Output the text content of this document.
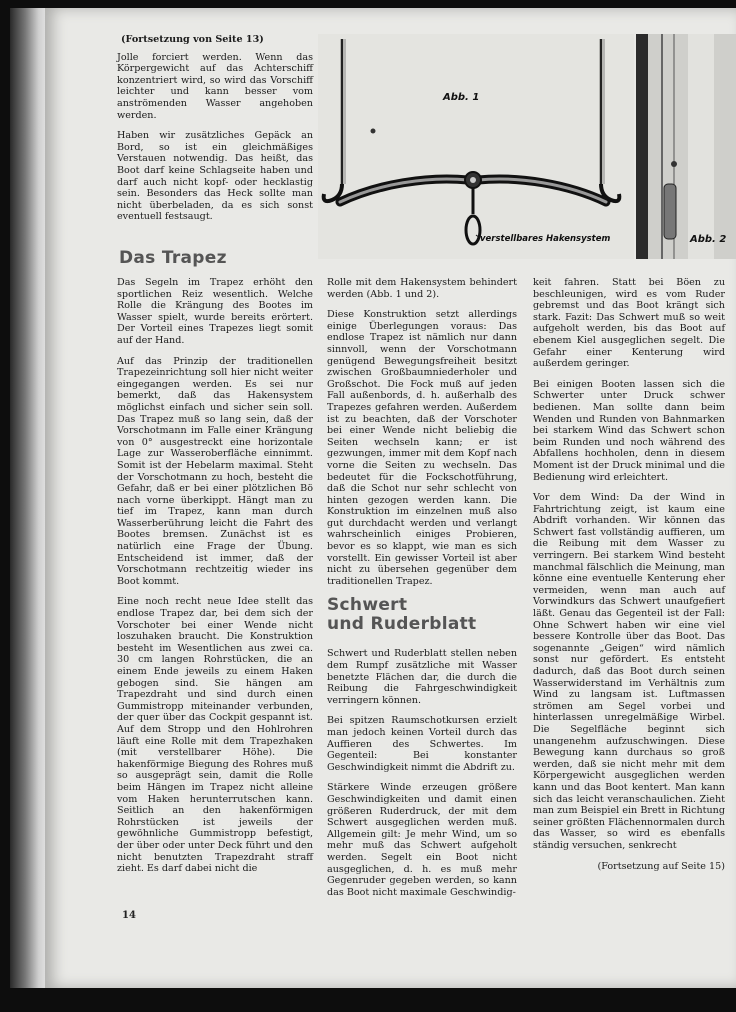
(Fortsetzung von Seite 13)

Jolle forciert werden. Wenn das Körpergewicht auf das Achterschiff konzentriert wird, so wird das Vorschiff leichter und kann besser vom anströmenden Wasser angehoben werden.

Haben wir zusätzliches Gepäck an Bord, so ist ein gleichmäßiges Verstauen notwendig. Das heißt, das Boot darf keine Schlagseite haben und darf auch nicht kopf- oder hecklastig sein. Besonders das Heck sollte man nicht überbeladen, da es sich sonst eventuell festsaugt.

Das Trapez

Das Segeln im Trapez erhöht den sportlichen Reiz wesentlich. Welche Rolle die Krängung des Bootes im Wasser spielt, wurde bereits erörtert. Der Vorteil eines Trapezes liegt somit auf der Hand.

Auf das Prinzip der traditionellen Trapezeinrichtung soll hier nicht weiter eingegangen werden. Es sei nur bemerkt, daß das Hakensystem möglichst einfach und sicher sein soll. Das Trapez muß so lang sein, daß der Vorschotmann im Falle einer Krängung von 0° ausgestreckt eine horizontale Lage zur Wasseroberfläche einnimmt. Somit ist der Hebelarm maximal. Steht der Vorschotmann zu hoch, besteht die Gefahr, daß er bei einer plötzlichen Bö nach vorne überkippt. Hängt man zu tief im Trapez, kann man durch Wasserberührung leicht die Fahrt des Bootes bremsen. Zunächst ist es natürlich eine Frage der Übung. Entscheidend ist immer, daß der Vorschotmann rechtzeitig wieder ins Boot kommt.

Eine noch recht neue Idee stellt das endlose Trapez dar, bei dem sich der Vorschoter bei einer Wende nicht loszuhaken braucht. Die Konstruktion besteht im Wesentlichen aus zwei ca. 30 cm langen Rohrstücken, die an einem Ende jeweils zu einem Haken gebogen sind. Sie hängen am Trapezdraht und sind durch einen Gummistropp miteinander verbunden, der quer über das Cockpit gespannt ist. Auf dem Stropp und den Hohlrohren läuft eine Rolle mit dem Trapezhaken (mit verstellbarer Höhe). Die hakenförmige Biegung des Rohres muß so ausgeprägt sein, damit die Rolle beim Hängen im Trapez nicht alleine vom Haken herunterrutschen kann. Seitlich an den hakenförmigen Rohrstücken ist jeweils der gewöhnliche Gummistropp befestigt, der über oder unter Deck führt und den nicht benutzten Trapezdraht straff zieht. Es darf dabei nicht die

Rolle mit dem Hakensystem behindert werden (Abb. 1 und 2).

Diese Konstruktion setzt allerdings einige Überlegungen voraus: Das endlose Trapez ist nämlich nur dann sinnvoll, wenn der Vorschotmann genügend Bewegungsfreiheit besitzt zwischen Großbaumniederholer und Großschot. Die Fock muß auf jeden Fall außenbords, d. h. außerhalb des Trapezes gefahren werden. Außerdem ist zu beachten, daß der Vorschoter bei einer Wende nicht beliebig die Seiten wechseln kann; er ist gezwungen, immer mit dem Kopf nach vorne die Seiten zu wechseln. Das bedeutet für die Fockschotführung, daß die Schot nur sehr schlecht von hinten gezogen werden kann. Die Konstruktion im einzelnen muß also gut durchdacht werden und verlangt wahrscheinlich einiges Probieren, bevor es so klappt, wie man es sich vorstellt. Ein gewisser Vorteil ist aber nicht zu übersehen gegenüber dem traditionellen Trapez.

Schwert
und Ruderblatt

Schwert und Ruderblatt stellen neben dem Rumpf zusätzliche mit Wasser benetzte Flächen dar, die durch die Reibung die Fahrgeschwindigkeit verringern können.

Bei spitzen Raumschotkursen erzielt man jedoch keinen Vorteil durch das Auffieren des Schwertes. Im Gegenteil: Bei konstanter Geschwindigkeit nimmt die Abdrift zu.

Stärkere Winde erzeugen größere Geschwindigkeiten und damit einen größeren Ruderdruck, der mit dem Schwert ausgeglichen werden muß. Allgemein gilt: Je mehr Wind, um so mehr muß das Schwert aufgeholt werden. Segelt ein Boot nicht ausgeglichen, d. h. es muß mehr Gegenruder gegeben werden, so kann das Boot nicht maximale Geschwindig-

keit fahren. Statt bei Böen zu beschleunigen, wird es vom Ruder gebremst und das Boot krängt sich stark. Fazit: Das Schwert muß so weit aufgeholt werden, bis das Boot auf ebenem Kiel ausgeglichen segelt. Die Gefahr einer Kenterung wird außerdem geringer.

Bei einigen Booten lassen sich die Schwerter unter Druck schwer bedienen. Man sollte dann beim Wenden und Runden von Bahnmarken bei starkem Wind das Schwert schon beim Runden und noch während des Abfallens hochholen, denn in diesem Moment ist der Druck minimal und die Bedienung wird erleichtert.

Vor dem Wind: Da der Wind in Fahrtrichtung zeigt, ist kaum eine Abdrift vorhanden. Wir können das Schwert fast vollständig auffieren, um die Reibung mit dem Wasser zu verringern. Bei starkem Wind besteht manchmal fälschlich die Meinung, man könne eine eventuelle Kenterung eher vermeiden, wenn man auch auf Vorwindkurs das Schwert unaufgefiert läßt. Genau das Gegenteil ist der Fall: Ohne Schwert haben wir eine viel bessere Kontrolle über das Boot. Das sogenannte „Geigen“ wird nämlich sonst nur gefördert. Es entsteht dadurch, daß das Boot durch seinen Wasserwiderstand im Verhältnis zum Wind zu langsam ist. Luftmassen strömen am Segel vorbei und hinterlassen unregelmäßige Wirbel. Die Segelfläche beginnt sich unangenehm aufzuschwingen. Diese Bewegung kann durchaus so groß werden, daß sie nicht mehr mit dem Körpergewicht ausgeglichen werden kann und das Boot kentert. Man kann sich das leicht veranschaulichen. Zieht man zum Beispiel ein Brett in Richtung seiner größten Flächennormalen durch das Wasser, so wird es ebenfalls ständig versuchen, senkrecht

(Fortsetzung auf Seite 15)
Abb. 1
verstellbares Hakensystem	Abb. 2
14
